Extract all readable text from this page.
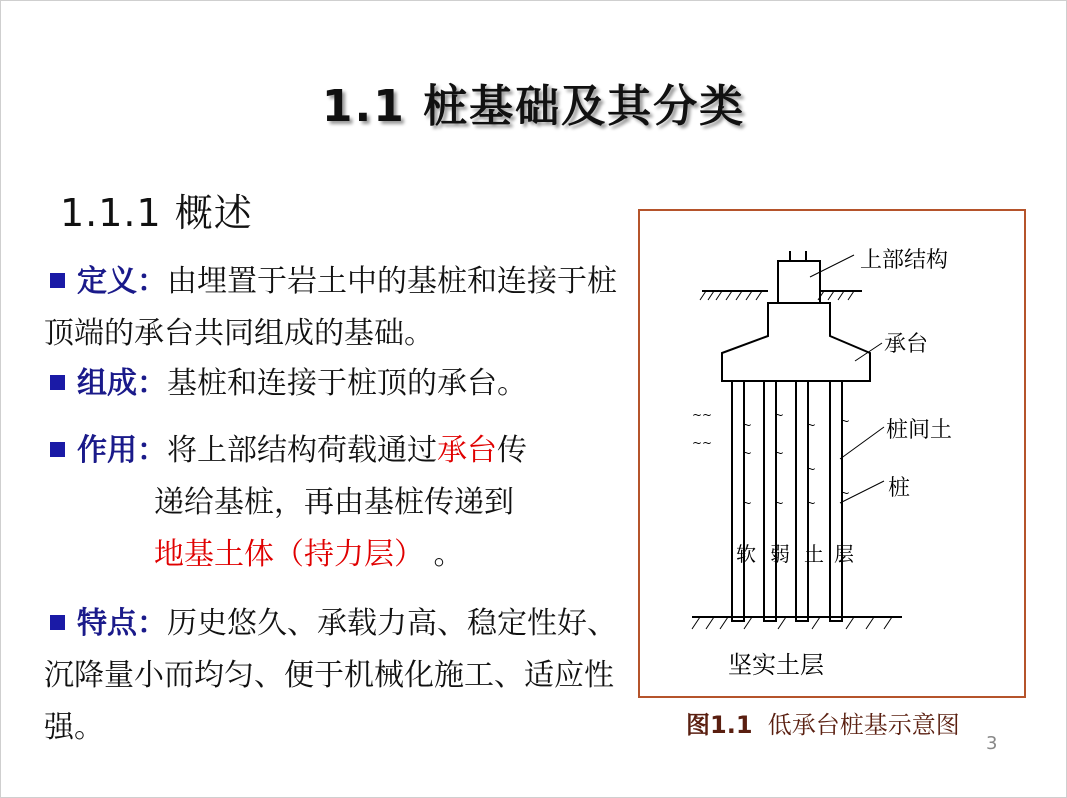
1.1 桩基础及其分类
1.1.1 概述
定义：由埋置于岩土中的基桩和连接于桩顶端的承台共同组成的基础。
组成：基桩和连接于桩顶的承台。
作用：将上部结构荷载通过承台传
递给基桩，再由基桩传递到
地基土体（持力层） 。
特点：历史悠久、承载力高、稳定性好、沉降量小而均匀、便于机械化施工、适应性强。
~~
~~
~
~
~
~
~
~
~
~
~
~
~
上部结构
承台
桩间土
桩
软 弱 土 层
坚实土层
图1.1 低承台桩基示意图
3
